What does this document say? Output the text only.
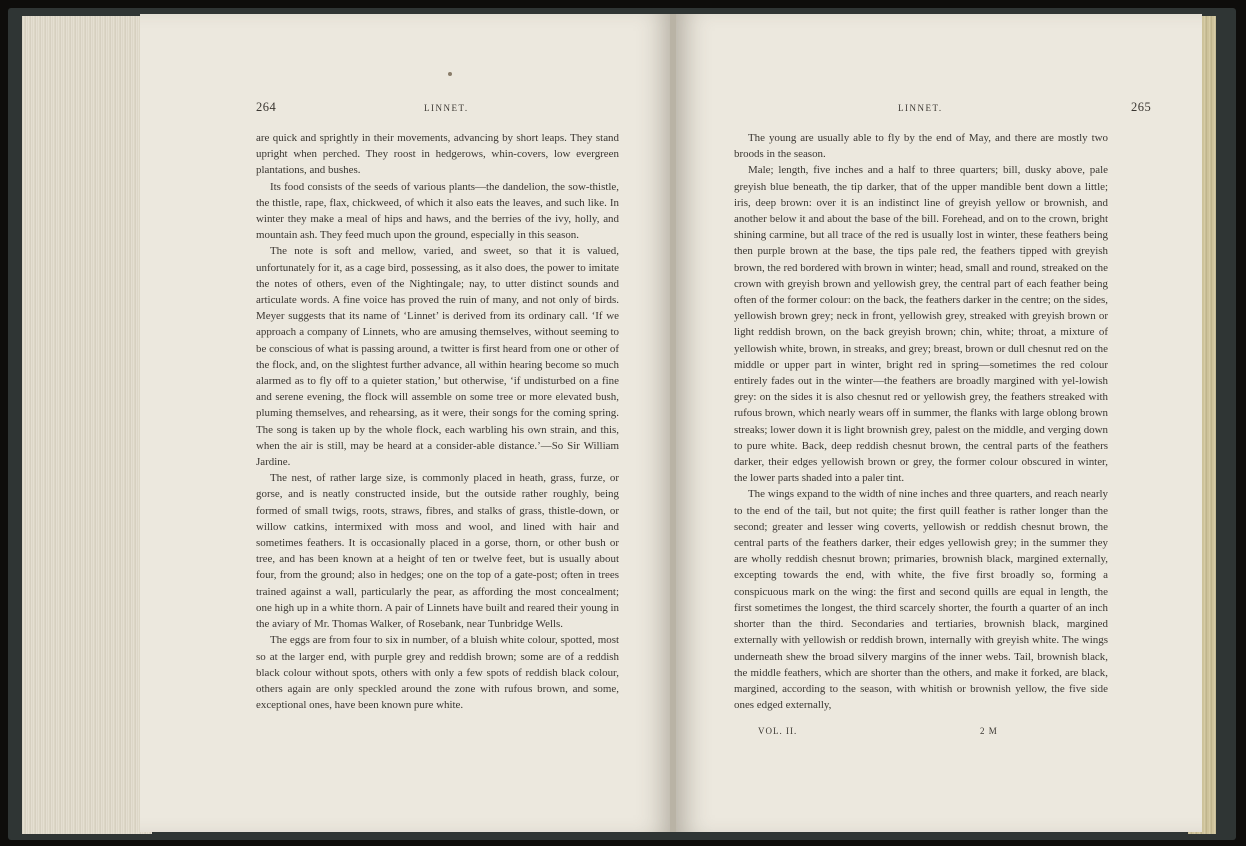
264	LINNET.

are quick and sprightly in their movements, advancing by short leaps. They stand upright when perched. They roost in hedgerows, whin-covers, low evergreen plantations, and bushes.

Its food consists of the seeds of various plants—the dandelion, the sow-thistle, the thistle, rape, flax, chickweed, of which it also eats the leaves, and such like. In winter they make a meal of hips and haws, and the berries of the ivy, holly, and mountain ash. They feed much upon the ground, especially in this season.

The note is soft and mellow, varied, and sweet, so that it is valued, unfortunately for it, as a cage bird, possessing, as it also does, the power to imitate the notes of others, even of the Nightingale; nay, to utter distinct sounds and articulate words. A fine voice has proved the ruin of many, and not only of birds. Meyer suggests that its name of ‘Linnet’ is derived from its ordinary call. ‘If we approach a company of Linnets, who are amusing themselves, without seeming to be conscious of what is passing around, a twitter is first heard from one or other of the flock, and, on the slightest further advance, all within hearing become so much alarmed as to fly off to a quieter station,’ but otherwise, ‘if undisturbed on a fine and serene evening, the flock will assemble on some tree or more elevated bush, pluming themselves, and rehearsing, as it were, their songs for the coming spring. The song is taken up by the whole flock, each warbling his own strain, and this, when the air is still, may be heard at a consider-able distance.’—So Sir William Jardine.

The nest, of rather large size, is commonly placed in heath, grass, furze, or gorse, and is neatly constructed inside, but the outside rather roughly, being formed of small twigs, roots, straws, fibres, and stalks of grass, thistle-down, or willow catkins, intermixed with moss and wool, and lined with hair and sometimes feathers. It is occasionally placed in a gorse, thorn, or other bush or tree, and has been known at a height of ten or twelve feet, but is usually about four, from the ground; also in hedges; one on the top of a gate-post; often in trees trained against a wall, particularly the pear, as affording the most concealment; one high up in a white thorn. A pair of Linnets have built and reared their young in the aviary of Mr. Thomas Walker, of Rosebank, near Tunbridge Wells.

The eggs are from four to six in number, of a bluish white colour, spotted, most so at the larger end, with purple grey and reddish brown; some are of a reddish black colour without spots, others with only a few spots of reddish black colour, others again are only speckled around the zone with rufous brown, and some, exceptional ones, have been known pure white.

LINNET.	265

The young are usually able to fly by the end of May, and there are mostly two broods in the season.

Male; length, five inches and a half to three quarters; bill, dusky above, pale greyish blue beneath, the tip darker, that of the upper mandible bent down a little; iris, deep brown: over it is an indistinct line of greyish yellow or brownish, and another below it and about the base of the bill. Forehead, and on to the crown, bright shining carmine, but all trace of the red is usually lost in winter, these feathers being then purple brown at the base, the tips pale red, the feathers tipped with greyish brown, the red bordered with brown in winter; head, small and round, streaked on the crown with greyish brown and yellowish grey, the central part of each feather being often of the former colour: on the back, the feathers darker in the centre; on the sides, yellowish brown grey; neck in front, yellowish grey, streaked with greyish brown or light reddish brown, on the back greyish brown; chin, white; throat, a mixture of yellowish white, brown, in streaks, and grey; breast, brown or dull chesnut red on the middle or upper part in winter, bright red in spring—sometimes the red colour entirely fades out in the winter—the feathers are broadly margined with yel-lowish grey: on the sides it is also chesnut red or yellowish grey, the feathers streaked with rufous brown, which nearly wears off in summer, the flanks with large oblong brown streaks; lower down it is light brownish grey, palest on the middle, and verging down to pure white. Back, deep reddish chesnut brown, the central parts of the feathers darker, their edges yellowish brown or grey, the former colour obscured in winter, the lower parts shaded into a paler tint.

The wings expand to the width of nine inches and three quarters, and reach nearly to the end of the tail, but not quite; the first quill feather is rather longer than the second; greater and lesser wing coverts, yellowish or reddish chesnut brown, the central parts of the feathers darker, their edges yellowish grey; in the summer they are wholly reddish chesnut brown; primaries, brownish black, margined externally, excepting towards the end, with white, the five first broadly so, forming a conspicuous mark on the wing: the first and second quills are equal in length, the first sometimes the longest, the third scarcely shorter, the fourth a quarter of an inch shorter than the third. Secondaries and tertiaries, brownish black, margined externally with yellowish or reddish brown, internally with greyish white. The wings underneath shew the broad silvery margins of the inner webs. Tail, brownish black, the middle feathers, which are shorter than the others, and make it forked, are black, margined, according to the season, with whitish or brownish yellow, the five side ones edged externally,

VOL. II.	2 M
